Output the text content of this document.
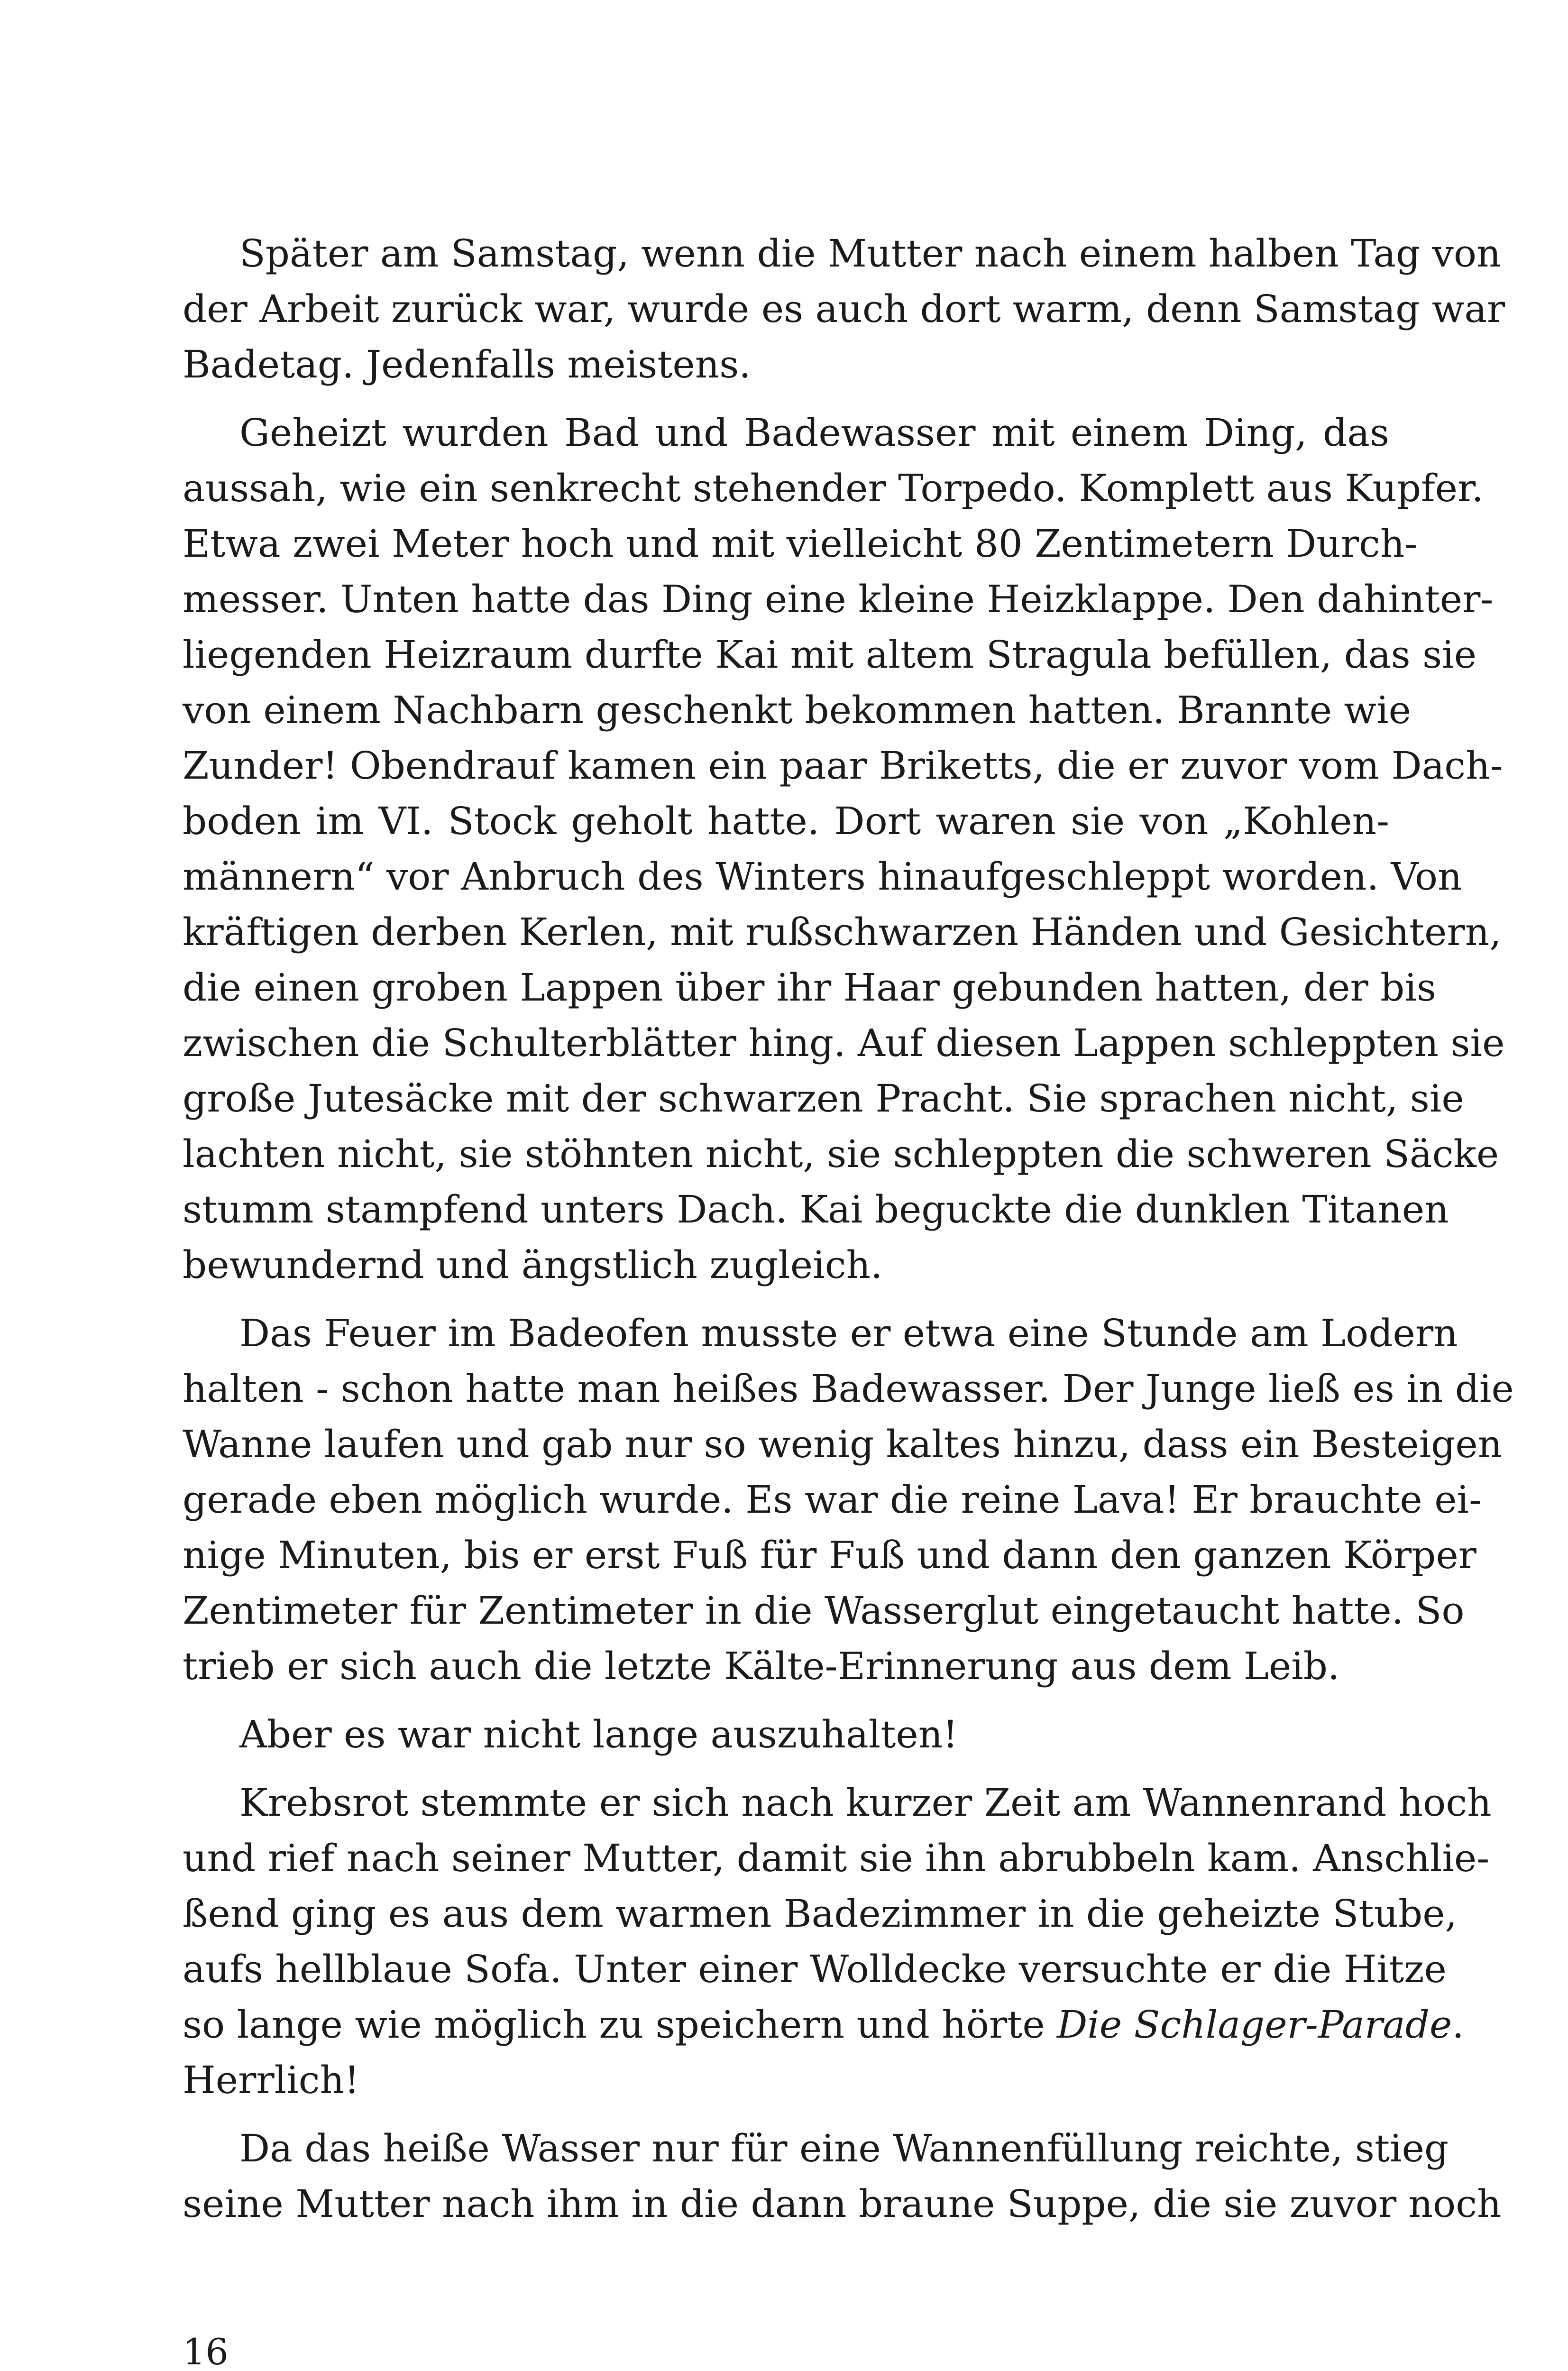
Später am Samstag, wenn die Mutter nach einem halben Tag von
der Arbeit zurück war, wurde es auch dort warm, denn Samstag war
Badetag. Jedenfalls meistens.
Geheizt wurden Bad und Badewasser mit einem Ding, das
aussah, wie ein senkrecht stehender Torpedo. Komplett aus Kupfer.
Etwa zwei Meter hoch und mit vielleicht 80 Zentimetern Durch-
messer. Unten hatte das Ding eine kleine Heizklappe. Den dahinter-
liegenden Heizraum durfte Kai mit altem Stragula befüllen, das sie
von einem Nachbarn geschenkt bekommen hatten. Brannte wie
Zunder! Obendrauf kamen ein paar Briketts, die er zuvor vom Dach-
boden im VI. Stock geholt hatte. Dort waren sie von „Kohlen-
männern“ vor Anbruch des Winters hinaufgeschleppt worden. Von
kräftigen derben Kerlen, mit rußschwarzen Händen und Gesichtern,
die einen groben Lappen über ihr Haar gebunden hatten, der bis
zwischen die Schulterblätter hing. Auf diesen Lappen schleppten sie
große Jutesäcke mit der schwarzen Pracht. Sie sprachen nicht, sie
lachten nicht, sie stöhnten nicht, sie schleppten die schweren Säcke
stumm stampfend unters Dach. Kai beguckte die dunklen Titanen
bewundernd und ängstlich zugleich.
Das Feuer im Badeofen musste er etwa eine Stunde am Lodern
halten - schon hatte man heißes Badewasser. Der Junge ließ es in die
Wanne laufen und gab nur so wenig kaltes hinzu, dass ein Besteigen
gerade eben möglich wurde. Es war die reine Lava! Er brauchte ei-
nige Minuten, bis er erst Fuß für Fuß und dann den ganzen Körper
Zentimeter für Zentimeter in die Wasserglut eingetaucht hatte. So
trieb er sich auch die letzte Kälte-Erinnerung aus dem Leib.
Aber es war nicht lange auszuhalten!
Krebsrot stemmte er sich nach kurzer Zeit am Wannenrand hoch
und rief nach seiner Mutter, damit sie ihn abrubbeln kam. Anschlie-
ßend ging es aus dem warmen Badezimmer in die geheizte Stube,
aufs hellblaue Sofa. Unter einer Wolldecke versuchte er die Hitze
so lange wie möglich zu speichern und hörte Die Schlager-Parade.
Herrlich!
Da das heiße Wasser nur für eine Wannenfüllung reichte, stieg
seine Mutter nach ihm in die dann braune Suppe, die sie zuvor noch
16
